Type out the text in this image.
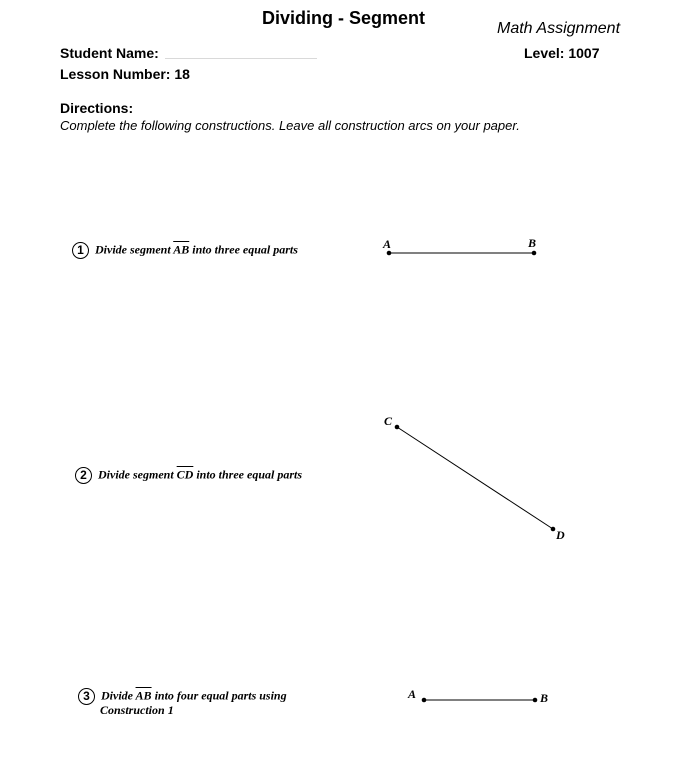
Dividing - Segment
Math Assignment
Level: 1007
Student Name:
Lesson Number: 18
Directions:
Complete the following constructions. Leave all construction arcs on your paper.
1 Divide segment $\overline{AB}$ into three equal parts
2 Divide segment $\overline{CD}$ into three equal parts
3 Divide $\overline{AB}$ into four equal parts using
Construction 1
A	B
C
D
A	B
